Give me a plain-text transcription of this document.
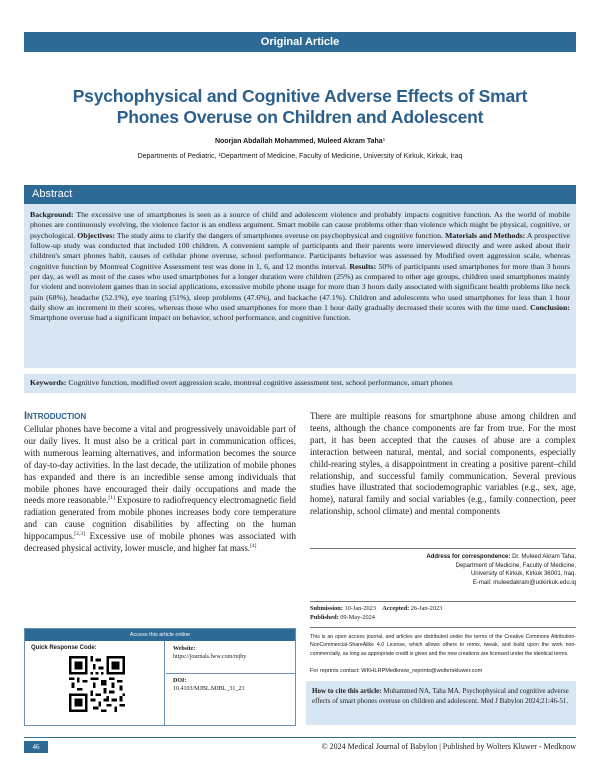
Original Article
Psychophysical and Cognitive Adverse Effects of Smart Phones Overuse on Children and Adolescent
Noorjan Abdallah Mohammed, Muleed Akram Taha¹
Departments of Pediatric, ¹Department of Medicine, Faculty of Medicine, University of Kirkuk, Kirkuk, Iraq
Abstract

Background: The excessive use of smartphones is seen as a source of child and adolescent violence and probably impacts cognitive function. As the world of mobile phones are continuously evolving, the violence factor is an endless argument. Smart mobile can cause problems other than violence which might be physical, cognitive, or psychological. Objectives: The study aims to clarify the dangers of smartphones overuse on psychophysical and cognitive function. Materials and Methods: A prospective follow-up study was conducted that included 100 children. A convenient sample of participants and their parents were interviewed directly and were asked about their children's smart phones habit, causes of cellular phone overuse, school performance. Participants behavior was assessed by Modified overt aggression scale, whereas cognitive function by Montreal Cognitive Assessment test was done in 1, 6, and 12 months interval. Results: 50% of participants used smartphones for more than 3 hours per day, as well as most of the cases who used smartphones for a longer duration were children (25%) as compared to other age groups, children used smartphones mainly for violent and nonviolent games than in social applications, excessive mobile phone usage for more than 3 hours daily associated with significant health problems like neck pain (68%), headache (52.1%), eye tearing (51%), sleep problems (47.6%), and backache (47.1%). Children and adolescents who used smartphones for less than 1 hour daily show an increment in their scores, whereas those who used smartphones for more than 1 hour daily gradually decreased their scores with the time used. Conclusion: Smartphone overuse had a significant impact on behavior, school performance, and cognitive function.

Keywords: Cognitive function, modified overt aggression scale, montreal cognitive assessment test, school performance, smart phones
Introduction
Cellular phones have become a vital and progressively unavoidable part of our daily lives. It must also be a critical part in communication offices, with numerous learning alternatives, and information becomes the source of day-to-day activities. In the last decade, the utilization of mobile phones has expanded and there is an incredible sense among individuals that mobile phones have encouraged their daily occupations and made the needs more reasonable.[1] Exposure to radiofrequency electromagnetic field radiation generated from mobile phones increases body core temperature and can cause cognition disabilities by affecting on the human hippocampus.[2,3] Excessive use of mobile phones was associated with decreased physical activity, lower muscle, and higher fat mass.[4]
There are multiple reasons for smartphone abuse among children and teens, although the chance components are far from true. For the most part, it has been accepted that the causes of abuse are a complex interaction between natural, mental, and social components, especially child-rearing styles, a disappointment in creating a positive parent–child relationship, and successful family communication. Several previous studies have illustrated that sociodemographic variables (e.g., sex, age, home), natural family and social variables (e.g., family connection, peer relationship, school climate) and mental components
Address for correspondence: Dr. Muleed Akram Taha,
Department of Medicine, Faculty of Medicine,
University of Kirkuk, Kirkuk 36001, Iraq.
E-mail: muleedakram@uokirkuk.edu.iq
Submission: 10-Jan-2023 Accepted: 26-Jan-2023
Published: 09-May-2024
This is an open access journal, and articles are distributed under the terms of the Creative Commons Attribution-NonCommercial-ShareAlike 4.0 License, which allows others to remix, tweak, and build upon the work non-commercially, as long as appropriate credit is given and the new creations are licensed under the identical terms.
For reprints contact: WKHLRPMedknow_reprints@wolterskluwer.com
How to cite this article: Muhammed NA, Taha MA. Psychophysical and cognitive adverse effects of smart phones overuse on children and adolescent. Med J Babylon 2024;21:46-51.
Access this article online
Quick Response Code:	Website:
https://journals.lww.com/mjby
DOI:
10.4103/MJBL.MJBL_31_23
46	© 2024 Medical Journal of Babylon | Published by Wolters Kluwer - Medknow
